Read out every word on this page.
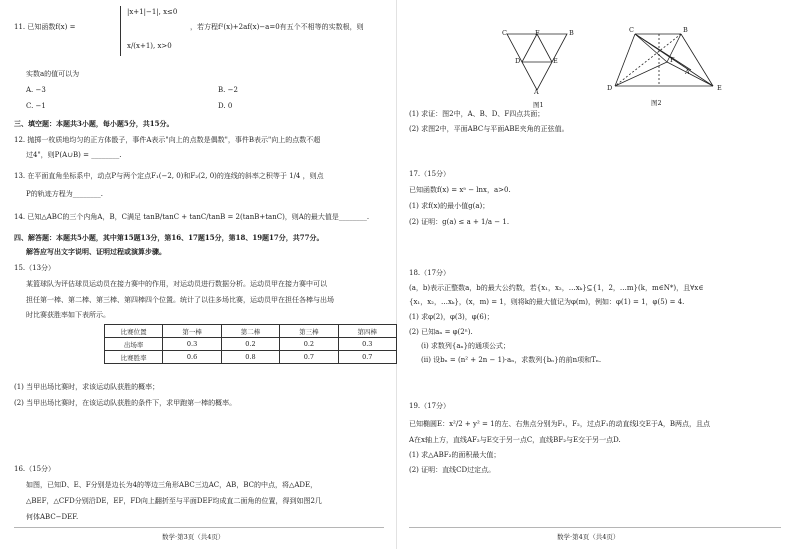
11. 已知函数f(x) =
|x+1|−1|, x≤0
x/(x+1), x>0
，若方程f²(x)+2af(x)−a=0有五个不相等的实数根，则
实数a的值可以为
A. −3	B. −2
C. −1	D. 0
三、填空题：本题共3小题，每小题5分，共15分。
12. 抛掷一枚质地均匀的正方体骰子，事件A表示"向上的点数是偶数"，事件B表示"向上的点数不超
过4"，则P(A∪B) = ________.
13. 在平面直角坐标系中，动点P与两个定点F₁(−2, 0)和F₂(2, 0)的连线的斜率之积等于 1/4 ，则点
P的轨迹方程为________.
14. 已知△ABC的三个内角A，B，C满足 tanB/tanC + tanC/tanB = 2(tanB+tanC)，则A的最大值是________.
四、解答题：本题共5小题，其中第15题13分，第16、17题15分，第18、19题17分，共77分。
解答应写出文字说明、证明过程或演算步骤。
15.（13分）
某篮球队为评估球员运动员在接力赛中的作用，对运动员进行数据分析。运动员甲在接力赛中可以
担任第一棒、第二棒、第三棒、第四棒四个位置。统计了以往多场比赛，运动员甲在担任各棒与出场
时比赛获胜率如下表所示。
比赛位置	第一棒	第二棒	第三棒	第四棒
出场率	0.3	0.2	0.2	0.3
比赛胜率	0.6	0.8	0.7	0.7
(1) 当甲出场比赛时，求该运动队获胜的概率；
(2) 当甲出场比赛时，在该运动队获胜的条件下，求甲跑第一棒的概率。
16.（15分）
如图，已知D、E、F分别是边长为4的等边三角形ABC三边AC，AB，BC的中点，将△ADE，
△BEF，△CFD分别沿DE，EF，FD向上翻折至与平面DEF均成直二面角的位置，得到如图2几
何体ABC−DEF.
数学·第3页（共4页）
C	F	B
D	E
A
图1
C	B
F
A
D	E
图2
(1) 求证：图2中，A、B、D、F四点共面；
(2) 求图2中，平面ABC与平面ABE夹角的正弦值。
17.（15分）
已知函数f(x) = xᵃ − lnx，a>0.
(1) 求f(x)的最小值g(a)；
(2) 证明：g(a) ≤ a + 1/a − 1.
18.（17分）
(a，b)表示正整数a，b的最大公约数，若{x₁，x₂，…xₖ}⊆{1，2，…m}(k，m∈N*)，且∀x∈
{x₁，x₂，…xₖ}，(x，m) = 1，则将k的最大值记为φ(m)，例如：φ(1) = 1，φ(5) = 4.
(1) 求φ(2)，φ(3)，φ(6)；
(2) 已知aₙ = φ(2ⁿ).
(ⅰ) 求数列{aₙ}的通项公式；
(ⅱ) 设bₙ = (n² + 2n − 1)·aₙ，求数列{bₙ}的前n项和Tₙ.
19.（17分）
已知椭圆E：x²/2 + y² = 1的左、右焦点分别为F₁，F₂，过点F₁的动直线l交E于A，B两点，且点
A在x轴上方，直线AF₂与E交于另一点C，直线BF₂与E交于另一点D.
(1) 求△ABF₂的面积最大值；
(2) 证明：直线CD过定点。
数学·第4页（共4页）
